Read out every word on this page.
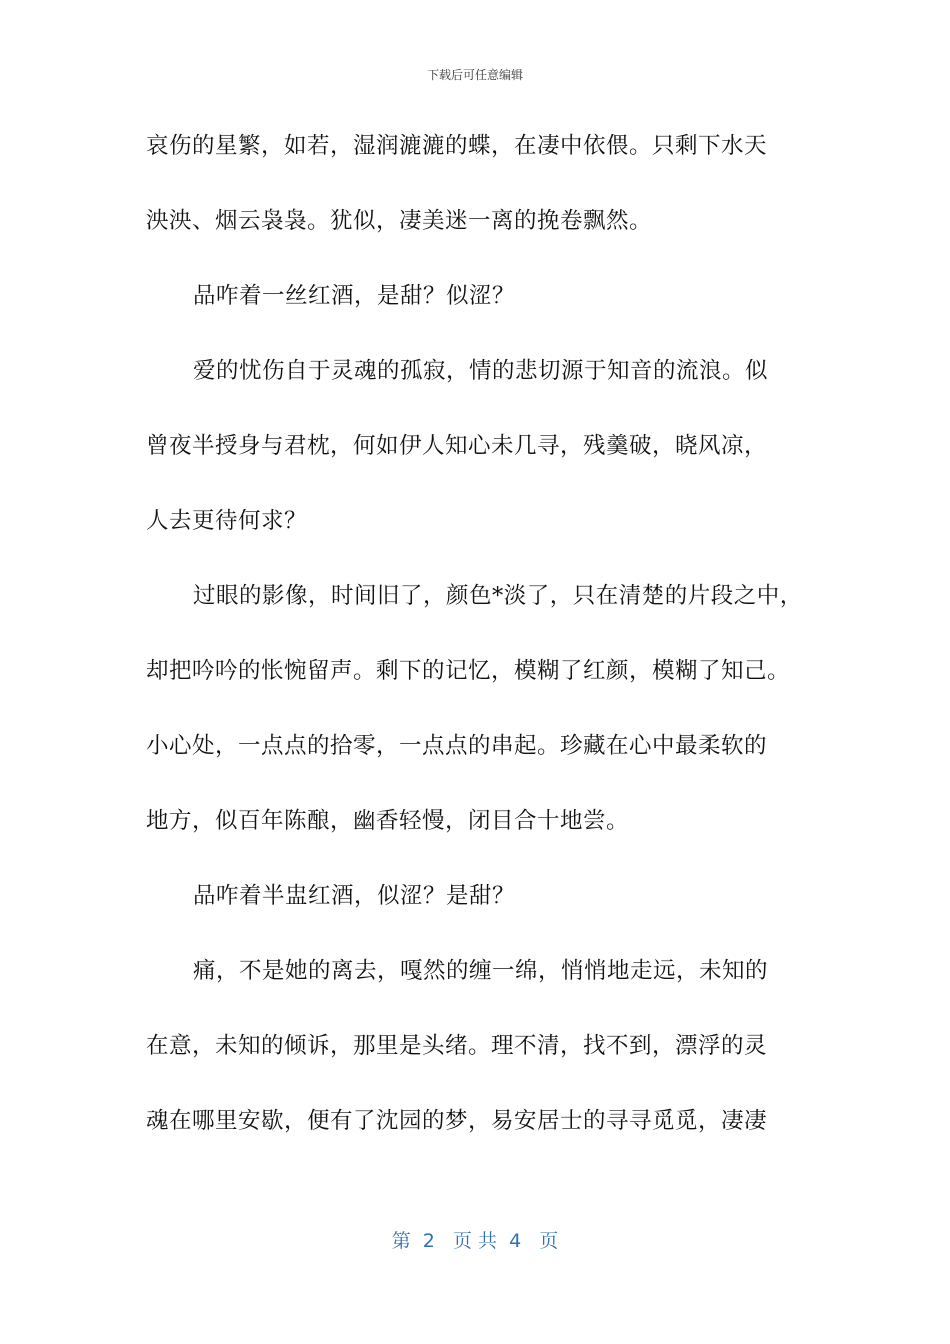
下载后可任意编辑
哀伤的星繁，如若，湿润漉漉的蝶，在凄中依偎。只剩下水天
泱泱、烟云袅袅。犹似，凄美迷一离的挽卷飘然。
品咋着一丝红酒，是甜？似涩？
爱的忧伤自于灵魂的孤寂，情的悲切源于知音的流浪。似
曾夜半授身与君枕，何如伊人知心未几寻，残羹破，晓风凉，
人去更待何求？
过眼的影像，时间旧了，颜色*淡了，只在清楚的片段之中，
却把吟吟的怅惋留声。剩下的记忆，模糊了红颜，模糊了知己。
小心处，一点点的拾零，一点点的串起。珍藏在心中最柔软的
地方，似百年陈酿，幽香轻慢，闭目合十地尝。
品咋着半盅红酒，似涩？是甜？
痛，不是她的离去，嘎然的缠一绵，悄悄地走远，未知的
在意，未知的倾诉，那里是头绪。理不清，找不到，漂浮的灵
魂在哪里安歇，便有了沈园的梦，易安居士的寻寻觅觅，凄凄
第  2   页 共  4   页
